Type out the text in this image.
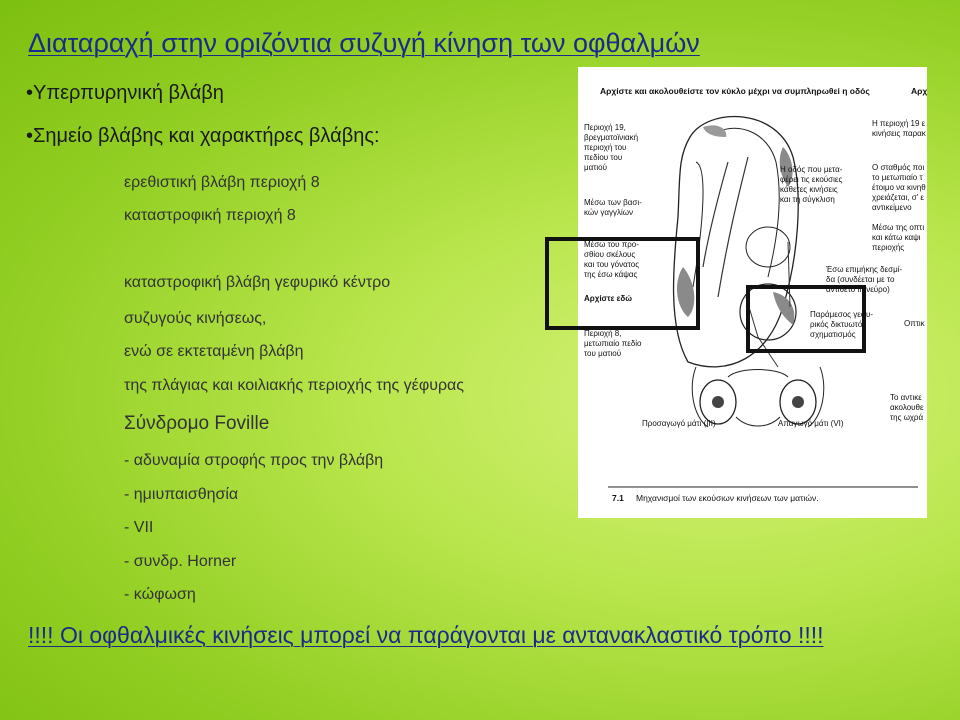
Διαταραχή στην οριζόντια συζυγή κίνηση των οφθαλμών
•Υπερπυρηνική βλάβη
•Σημείο βλάβης και χαρακτήρες βλάβης:
ερεθιστική βλάβη περιοχή 8
καταστροφική περιοχή 8
καταστροφική βλάβη γεφυρικό κέντρο
συζυγούς κινήσεως,
ενώ σε εκτεταμένη βλάβη
της πλάγιας και κοιλιακής περιοχής της γέφυρας
Σύνδρομο Foville
- αδυναμία στροφής προς την βλάβη
- ημιυπαισθησία
- VII
- συνδρ. Horner
- κώφωση
Αρχίστε και ακολουθείστε τον κύκλο μέχρι να συμπληρωθεί η οδός	Αρχ
Περιοχή 19,
βρεγματοϊνιακή
περιοχή του
πεδίου του
ματιού
Μέσω των βασι-
κών γαγγλίων
Μέσω του προ-
σθίου σκέλους
και του γόνατος
της έσω κάψας
Αρχίστε εδώ
Περιοχή 8,
μετωπιαίο πεδίο
του ματιού
Η οδός που μετα-
φέρει τις εκούσιες
κάθετες κινήσεις
και τη σύγκλιση
Η περιοχή 19 ε
κινήσεις παρακ
Ο σταθμός ποι
το μετωπιαίο τ
έτοιμο να κινηθ
χρειάζεται, σ' ε
αντικείμενο
Μέσω της οπτι
και κάτω καψι
περιοχής
Έσω επιμήκης δεσμί-
δα (συνδέεται με το
αντίθετο ΙΙΙ νεύρο)
Παράμεσος γεφυ-
ρικός δικτυωτό
σχηματισμός
Οπτικ
Το αντικε
ακολουθε
της ωχρά
Προσαγωγό μάτι (III)	Απαγωγό μάτι (VI)
7.1 Μηχανισμοί των εκούσιων κινήσεων των ματιών.
!!!! Οι οφθαλμικές κινήσεις μπορεί να παράγονται με αντανακλαστικό τρόπο !!!!
